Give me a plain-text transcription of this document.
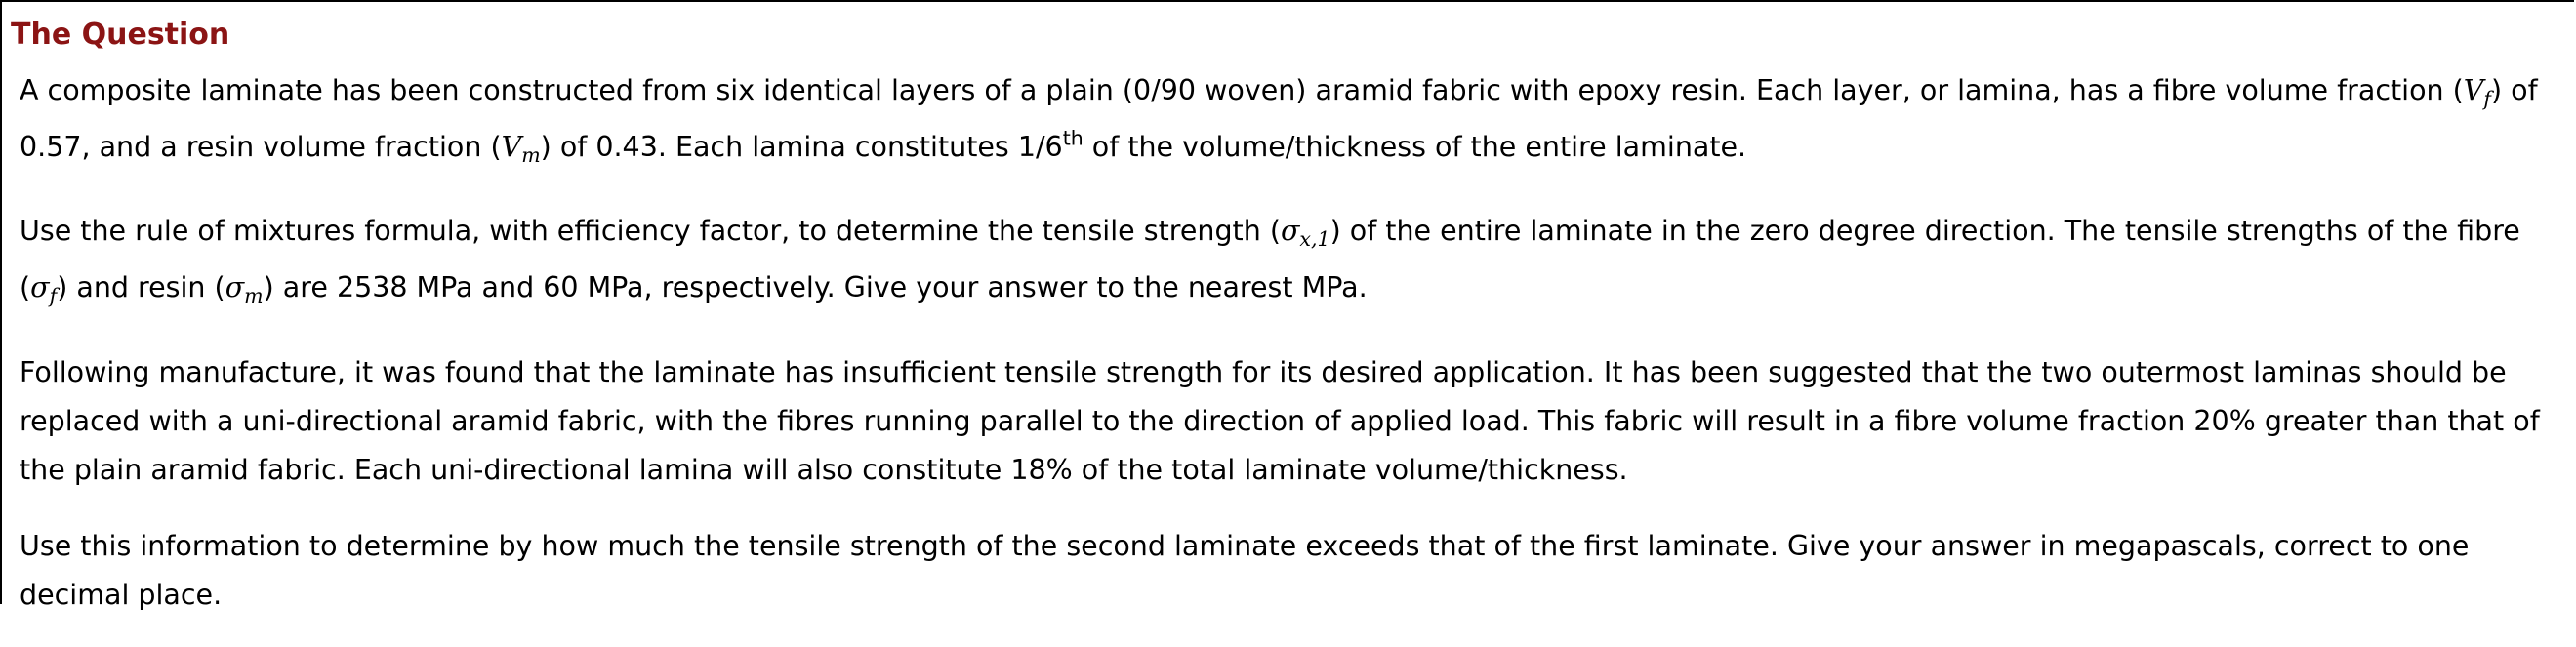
The Question

A composite laminate has been constructed from six identical layers of a plain (0/90 woven) aramid fabric with epoxy resin. Each layer, or lamina, has a fibre volume fraction $(V_f)$ of 0.57, and a resin volume fraction $(V_m)$ of 0.43. Each lamina constitutes 1/6th of the volume/thickness of the entire laminate.

Use the rule of mixtures formula, with efficiency factor, to determine the tensile strength $(\sigma_{x,1})$ of the entire laminate in the zero degree direction. The tensile strengths of the fibre $(\sigma_f)$ and resin $(\sigma_m)$ are 2538 MPa and 60 MPa, respectively. Give your answer to the nearest MPa.

Following manufacture, it was found that the laminate has insufficient tensile strength for its desired application. It has been suggested that the two outermost laminas should be replaced with a uni-directional aramid fabric, with the fibres running parallel to the direction of applied load. This fabric will result in a fibre volume fraction 20% greater than that of the plain aramid fabric. Each uni-directional lamina will also constitute 18% of the total laminate volume/thickness.

Use this information to determine by how much the tensile strength of the second laminate exceeds that of the first laminate. Give your answer in megapascals, correct to one decimal place.
